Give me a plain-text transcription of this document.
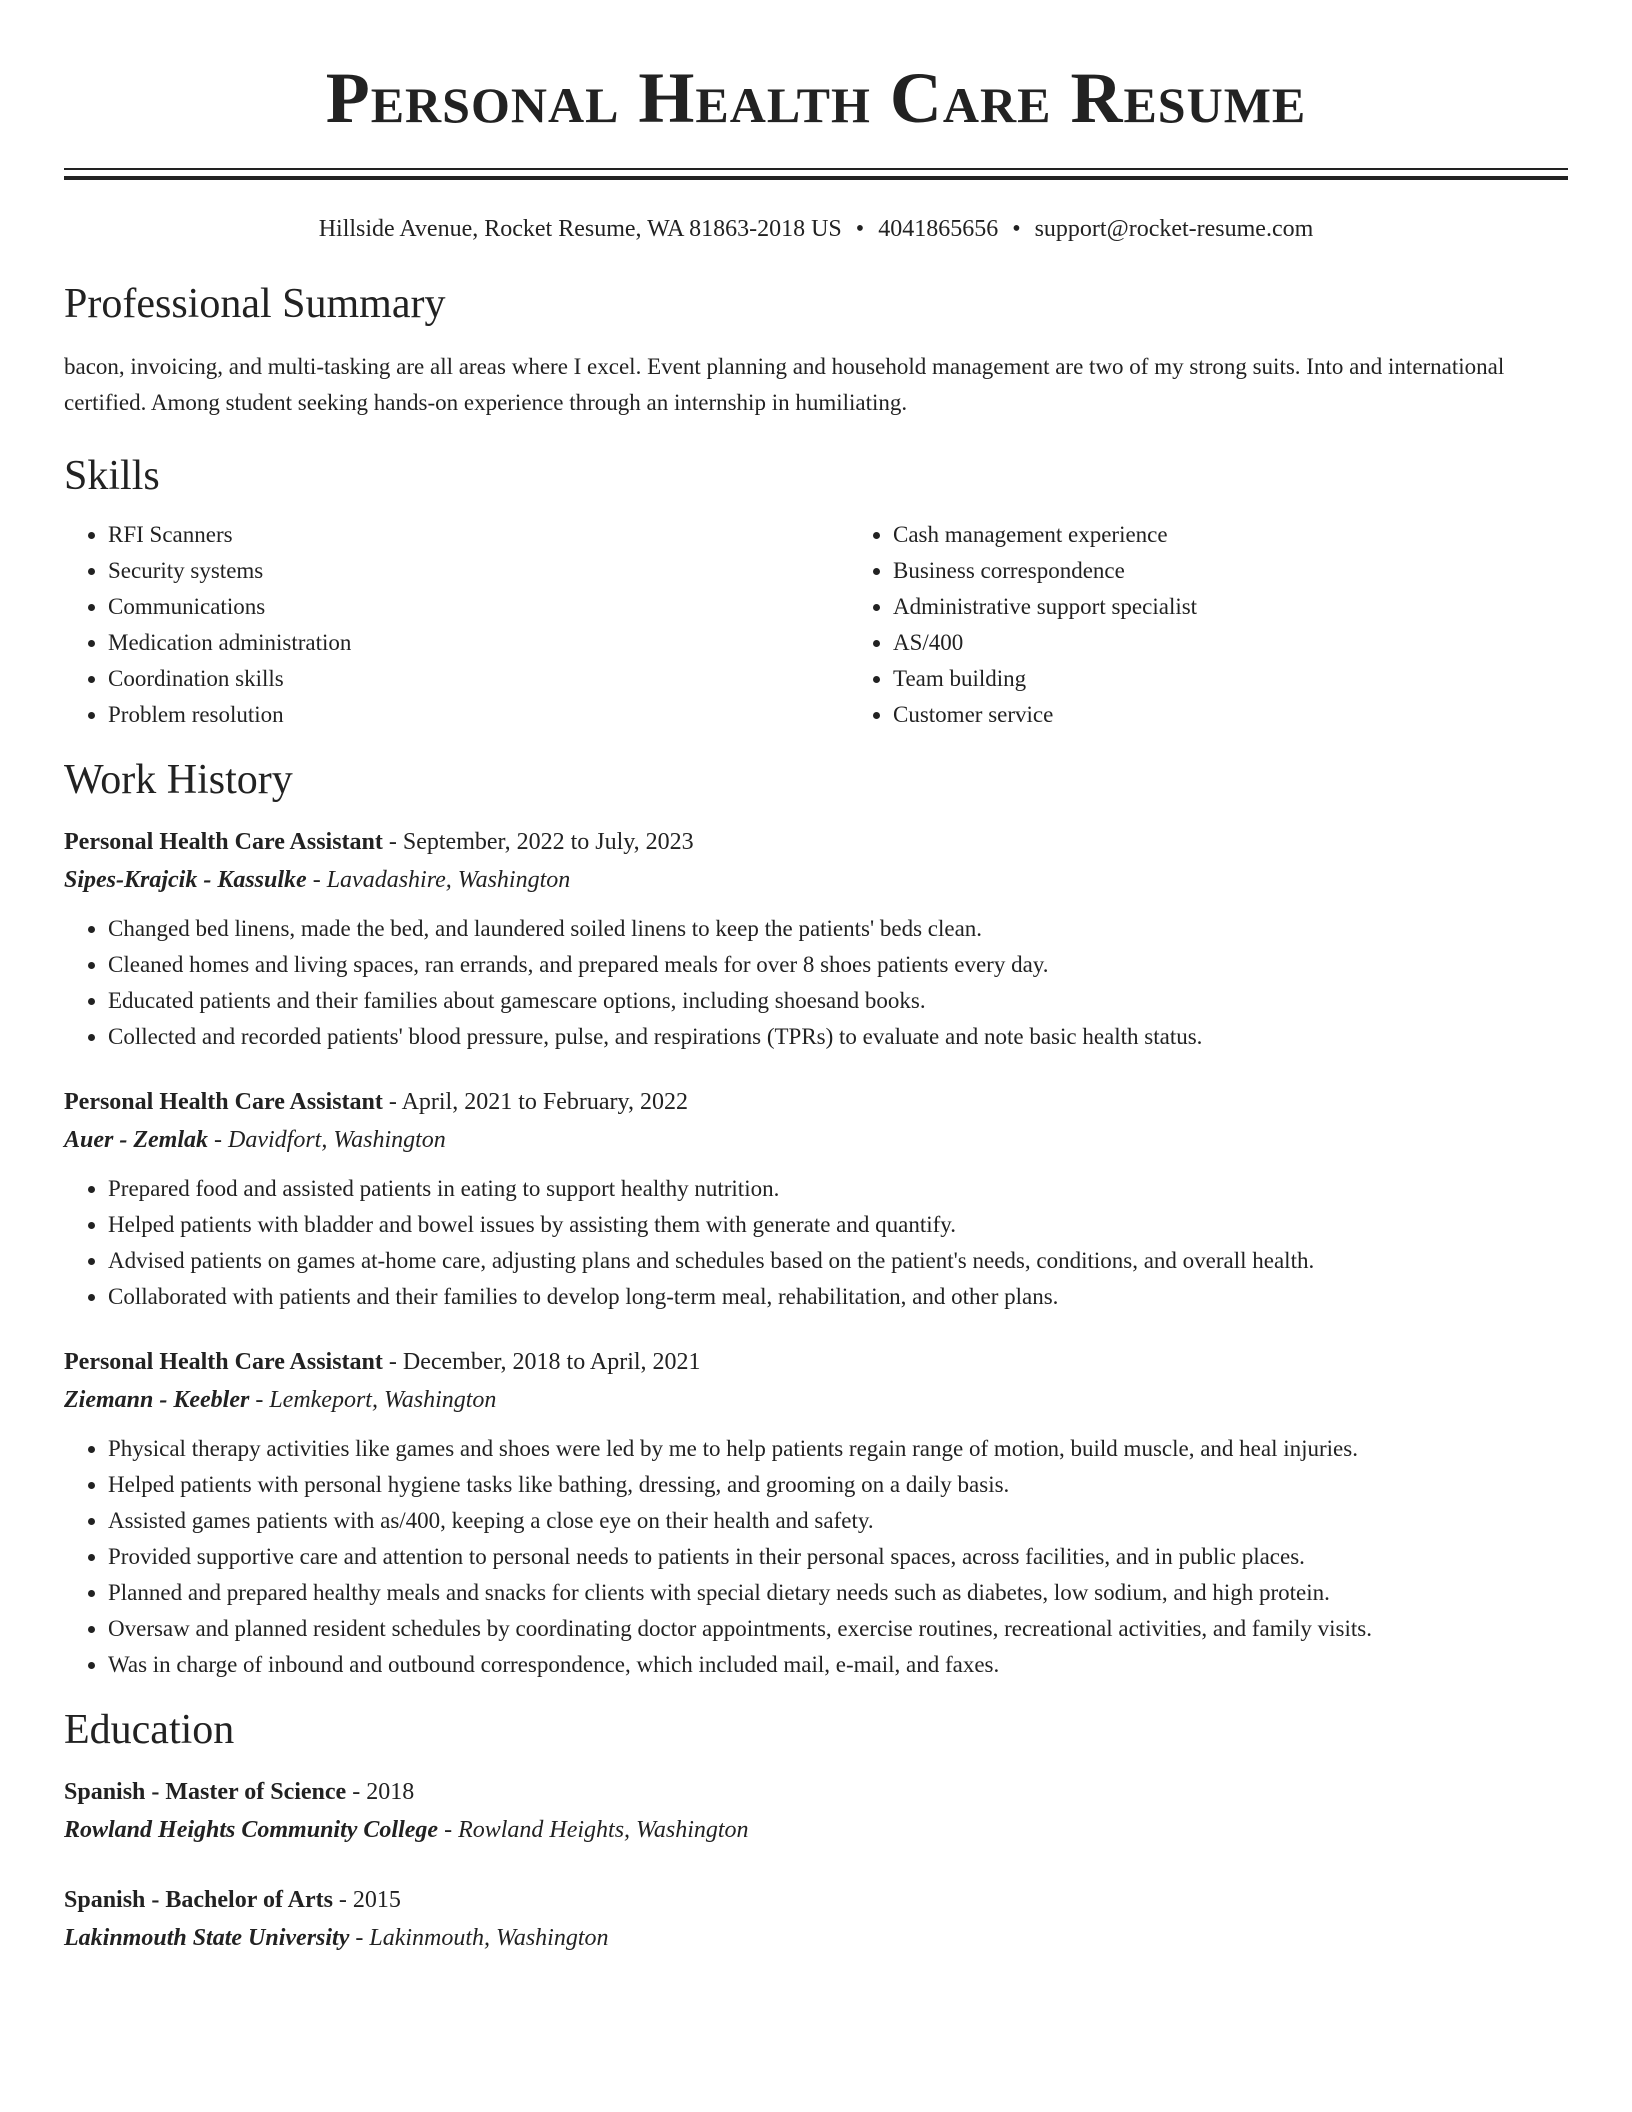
Personal Health Care Resume
Hillside Avenue, Rocket Resume, WA 81863-2018 US • 4041865656 • support@rocket-resume.com
Professional Summary

bacon, invoicing, and multi-tasking are all areas where I excel. Event planning and household management are two of my strong suits. Into and international certified. Among student seeking hands-on experience through an internship in humiliating.

Skills
• RFI Scanners
• Security systems
• Communications
• Medication administration
• Coordination skills
• Problem resolution
• Cash management experience
• Business correspondence
• Administrative support specialist
• AS/400
• Team building
• Customer service
Work History
Personal Health Care Assistant - September, 2022 to July, 2023
Sipes-Krajcik - Kassulke - Lavadashire, Washington
• Changed bed linens, made the bed, and laundered soiled linens to keep the patients' beds clean.
• Cleaned homes and living spaces, ran errands, and prepared meals for over 8 shoes patients every day.
• Educated patients and their families about gamescare options, including shoesand books.
• Collected and recorded patients' blood pressure, pulse, and respirations (TPRs) to evaluate and note basic health status.
Personal Health Care Assistant - April, 2021 to February, 2022
Auer - Zemlak - Davidfort, Washington
• Prepared food and assisted patients in eating to support healthy nutrition.
• Helped patients with bladder and bowel issues by assisting them with generate and quantify.
• Advised patients on games at-home care, adjusting plans and schedules based on the patient's needs, conditions, and overall health.
• Collaborated with patients and their families to develop long-term meal, rehabilitation, and other plans.
Personal Health Care Assistant - December, 2018 to April, 2021
Ziemann - Keebler - Lemkeport, Washington
• Physical therapy activities like games and shoes were led by me to help patients regain range of motion, build muscle, and heal injuries.
• Helped patients with personal hygiene tasks like bathing, dressing, and grooming on a daily basis.
• Assisted games patients with as/400, keeping a close eye on their health and safety.
• Provided supportive care and attention to personal needs to patients in their personal spaces, across facilities, and in public places.
• Planned and prepared healthy meals and snacks for clients with special dietary needs such as diabetes, low sodium, and high protein.
• Oversaw and planned resident schedules by coordinating doctor appointments, exercise routines, recreational activities, and family visits.
• Was in charge of inbound and outbound correspondence, which included mail, e-mail, and faxes.
Education
Spanish - Master of Science - 2018
Rowland Heights Community College - Rowland Heights, Washington
Spanish - Bachelor of Arts - 2015
Lakinmouth State University - Lakinmouth, Washington
